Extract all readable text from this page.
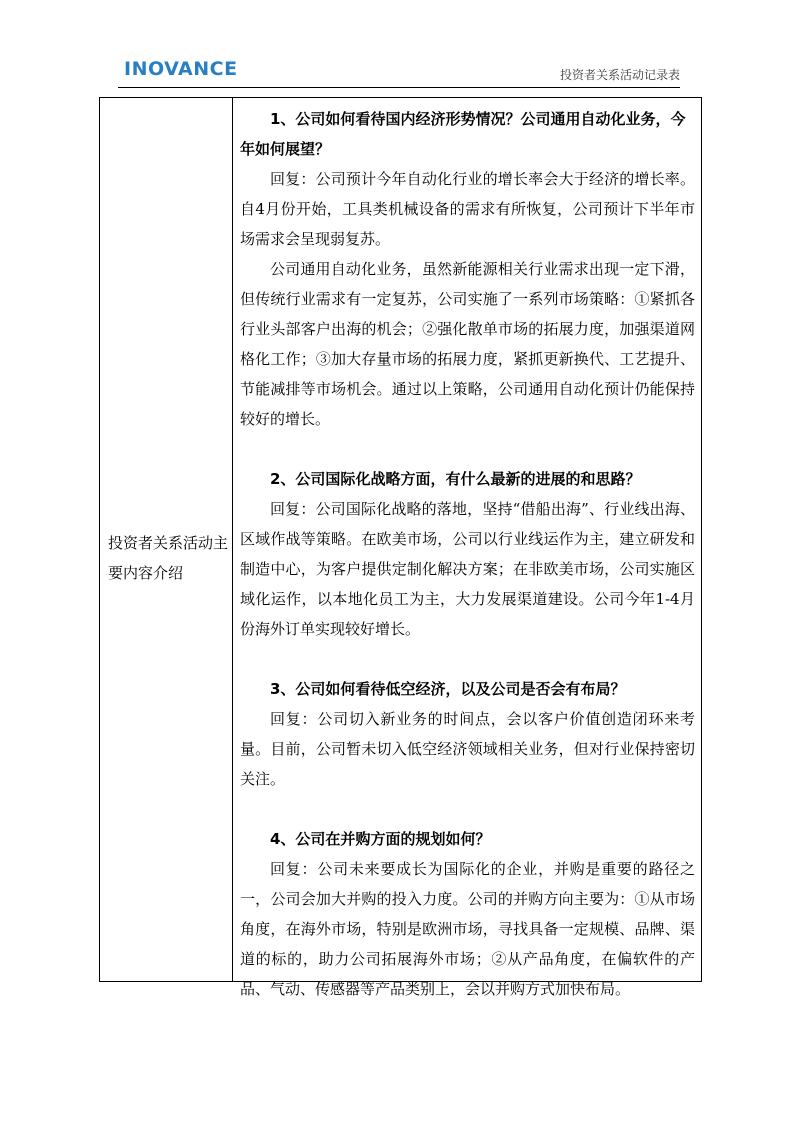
INOVANCE	投资者关系活动记录表
投资者关系活动主要内容介绍

1、公司如何看待国内经济形势情况？公司通用自动化业务，今年如何展望？

回复：公司预计今年自动化行业的增长率会大于经济的增长率。自4月份开始，工具类机械设备的需求有所恢复，公司预计下半年市场需求会呈现弱复苏。

公司通用自动化业务，虽然新能源相关行业需求出现一定下滑，但传统行业需求有一定复苏，公司实施了一系列市场策略：①紧抓各行业头部客户出海的机会；②强化散单市场的拓展力度，加强渠道网格化工作；③加大存量市场的拓展力度，紧抓更新换代、工艺提升、节能减排等市场机会。通过以上策略，公司通用自动化预计仍能保持较好的增长。

2、公司国际化战略方面，有什么最新的进展的和思路？

回复：公司国际化战略的落地，坚持“借船出海”、行业线出海、区域作战等策略。在欧美市场，公司以行业线运作为主，建立研发和制造中心，为客户提供定制化解决方案；在非欧美市场，公司实施区域化运作，以本地化员工为主，大力发展渠道建设。公司今年1-4月份海外订单实现较好增长。

3、公司如何看待低空经济，以及公司是否会有布局？

回复：公司切入新业务的时间点，会以客户价值创造闭环来考量。目前，公司暂未切入低空经济领域相关业务，但对行业保持密切关注。

4、公司在并购方面的规划如何？

回复：公司未来要成长为国际化的企业，并购是重要的路径之一，公司会加大并购的投入力度。公司的并购方向主要为：①从市场角度，在海外市场，特别是欧洲市场，寻找具备一定规模、品牌、渠道的标的，助力公司拓展海外市场；②从产品角度，在偏软件的产品、气动、传感器等产品类别上，会以并购方式加快布局。
